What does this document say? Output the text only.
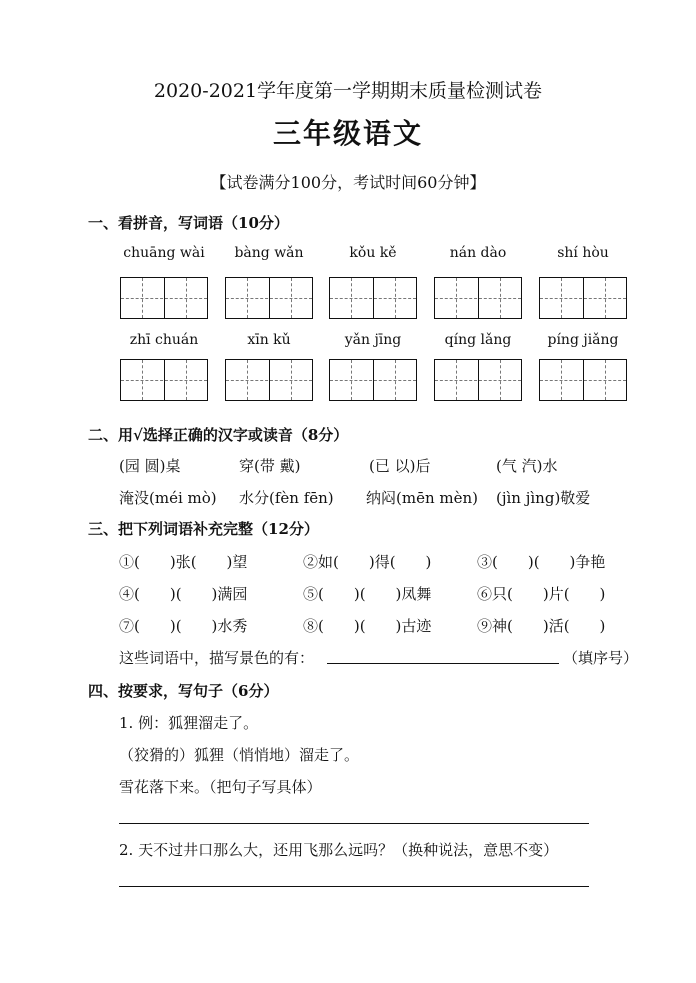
2020-2021学年度第一学期期末质量检测试卷
三年级语文
【试卷满分100分，考试时间60分钟】
一、看拼音，写词语（10分）
chuāng wài	bàng wǎn	kǒu kě	nán dào	shí hòu
zhī chuán	xīn kǔ	yǎn jīng	qíng lǎng	píng jiǎng
二、用√选择正确的汉字或读音（8分）
(园 圆)桌	穿(带 戴)	(已 以)后	(气 汽)水
淹没(méi mò) 水分(fèn fēn) 纳闷(mēn mèn) (jìn jìng)敬爱
三、把下列词语补充完整（12分）
①(　　)张(　　)望	②如(　　)得(　　)	③(　　)(　　)争艳
④(　　)(　　)满园	⑤(　　)(　　)凤舞	⑥只(　　)片(　　)
⑦(　　)(　　)水秀	⑧(　　)(　　)古迹	⑨神(　　)活(　　)
这些词语中，描写景色的有：	（填序号）
四、按要求，写句子（6分）
1. 例：狐狸溜走了。
（狡猾的）狐狸（悄悄地）溜走了。
雪花落下来。（把句子写具体）
2. 天不过井口那么大，还用飞那么远吗？（换种说法，意思不变）
